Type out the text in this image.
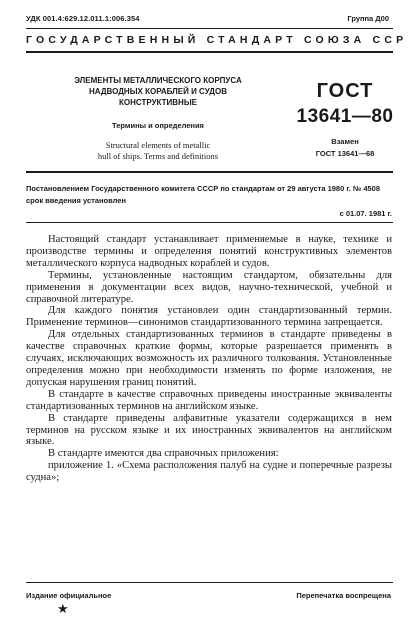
УДК 001.4:629.12.011.1:006.354	Группа Д00
ГОСУДАРСТВЕННЫЙ СТАНДАРТ СОЮЗА ССР
ЭЛЕМЕНТЫ МЕТАЛЛИЧЕСКОГО КОРПУСА
НАДВОДНЫХ КОРАБЛЕЙ И СУДОВ
КОНСТРУКТИВНЫЕ
Термины и определения
Structural elements of metallic
hull of ships. Terms and definitions
ГОСТ
13641—80
Взамен
ГОСТ 13641—68
Постановлением Государственного комитета СССР по стандартам от 29 августа 1980 г. № 4508 срок введения установлен
с 01.07. 1981 г.

Настоящий стандарт устанавливает применяемые в науке, технике и производстве термины и определения понятий конструктивных элементов металлического корпуса надводных кораблей и судов.

Термины, установленные настоящим стандартом, обязательны для применения в документации всех видов, научно-технической, учебной и справочной литературе.

Для каждого понятия установлен один стандартизованный термин. Применение терминов—синонимов стандартизованного термина запрещается.

Для отдельных стандартизованных терминов в стандарте приведены в качестве справочных краткие формы, которые разрешается применять в случаях, исключающих возможность их различного толкования. Установленные определения можно при необходимости изменять по форме изложения, не допуская нарушения границ понятий.

В стандарте в качестве справочных приведены иностранные эквиваленты стандартизованных терминов на английском языке.

В стандарте приведены алфавитные указатели содержащихся в нем терминов на русском языке и их иностранных эквивалентов на английском языке.

В стандарте имеются два справочных приложения:

приложение 1. «Схема расположения палуб на судне и поперечные разрезы судна»;

Издание официальное	Перепечатка воспрещена
★
